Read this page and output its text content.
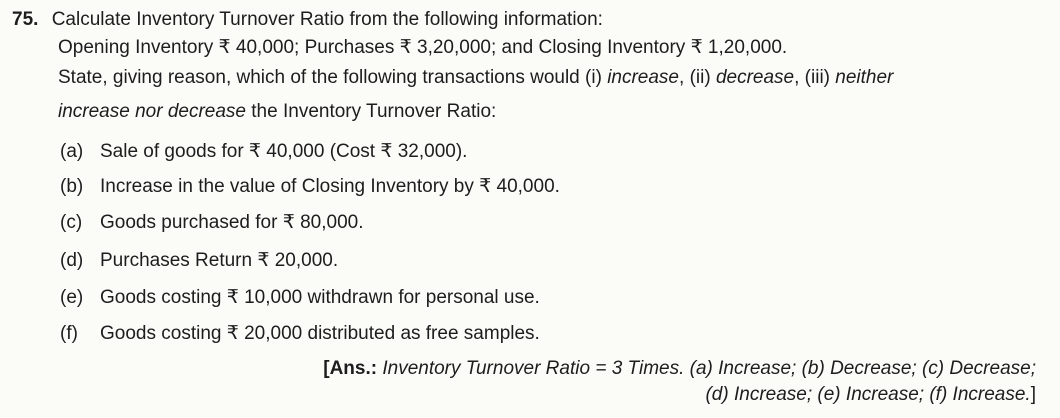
75. Calculate Inventory Turnover Ratio from the following information:
Opening Inventory ₹ 40,000; Purchases ₹ 3,20,000; and Closing Inventory ₹ 1,20,000.
State, giving reason, which of the following transactions would (i) increase, (ii) decrease, (iii) neither
increase nor decrease the Inventory Turnover Ratio:
(a) Sale of goods for ₹ 40,000 (Cost ₹ 32,000).
(b) Increase in the value of Closing Inventory by ₹ 40,000.
(c) Goods purchased for ₹ 80,000.
(d) Purchases Return ₹ 20,000.
(e) Goods costing ₹ 10,000 withdrawn for personal use.
(f) Goods costing ₹ 20,000 distributed as free samples.
[Ans.: Inventory Turnover Ratio = 3 Times. (a) Increase; (b) Decrease; (c) Decrease;
(d) Increase; (e) Increase; (f) Increase.]
